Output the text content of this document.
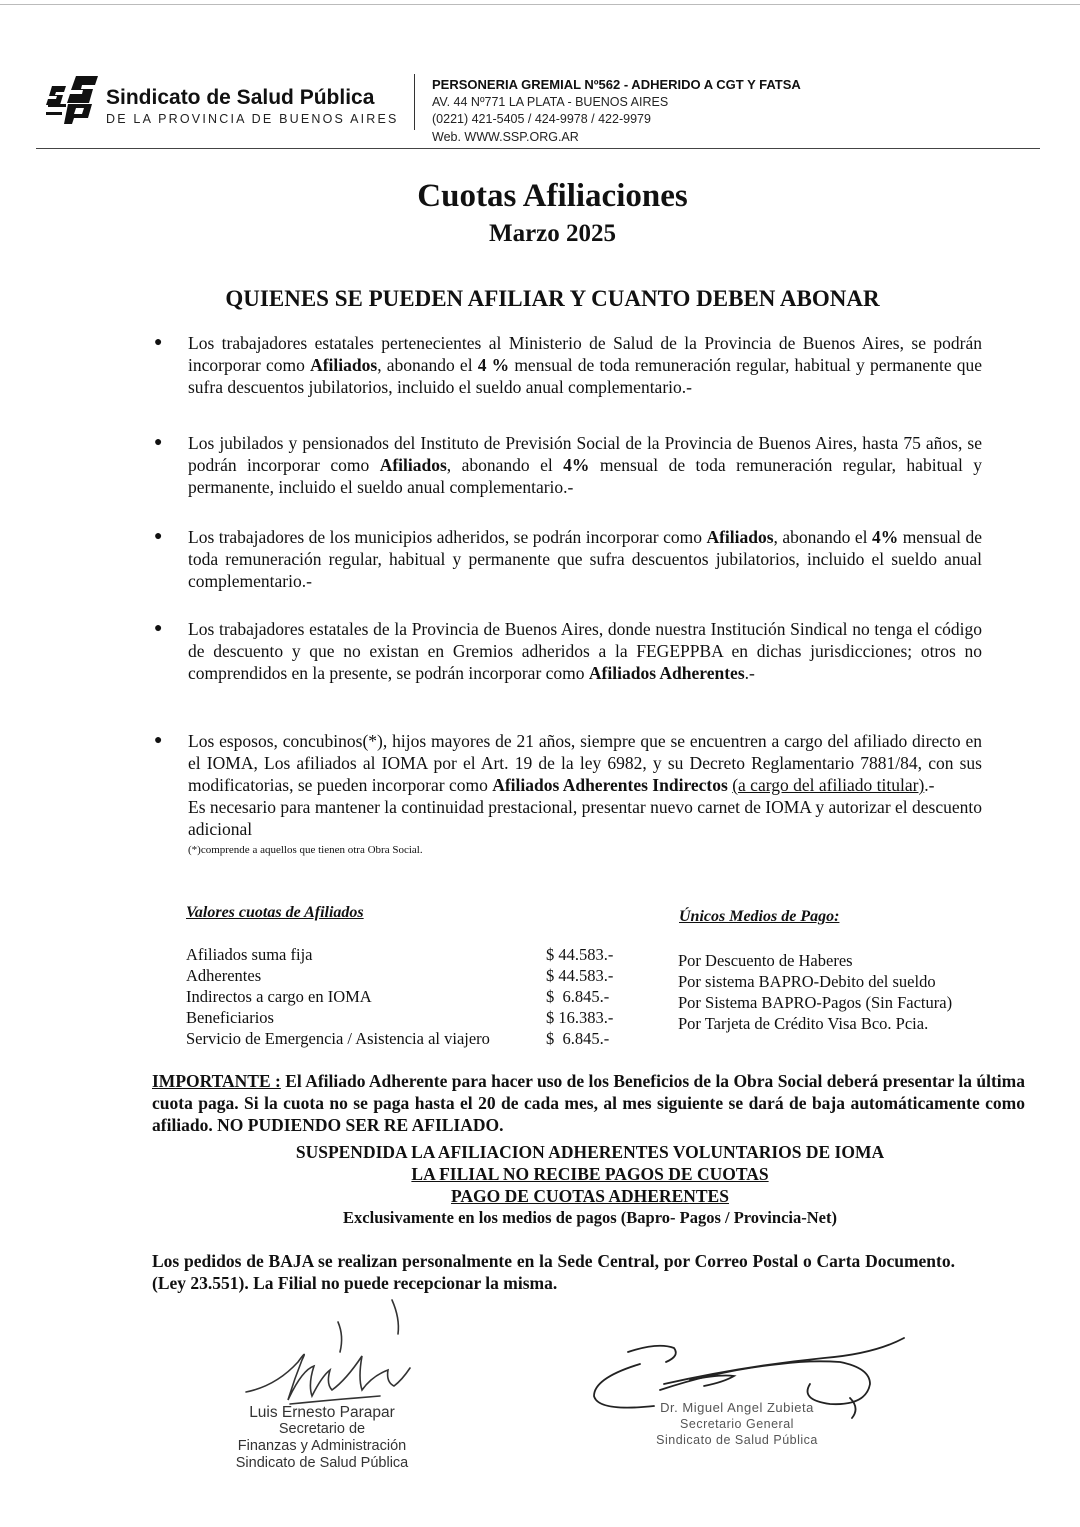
Sindicato de Salud Pública
DE LA PROVINCIA DE BUENOS AIRES
PERSONERIA GREMIAL Nº562 - ADHERIDO A CGT Y FATSA
AV. 44 Nº771 LA PLATA - BUENOS AIRES
(0221) 421-5405 / 424-9978 / 422-9979
Web. WWW.SSP.ORG.AR
Cuotas Afiliaciones
Marzo 2025
QUIENES SE PUEDEN AFILIAR Y CUANTO DEBEN ABONAR
● Los trabajadores estatales pertenecientes al Ministerio de Salud de la Provincia de Buenos Aires, se podrán incorporar como Afiliados, abonando el 4 % mensual de toda remuneración regular, habitual y permanente que sufra descuentos jubilatorios, incluido el sueldo anual complementario.-
● Los jubilados y pensionados del Instituto de Previsión Social de la Provincia de Buenos Aires, hasta 75 años, se podrán incorporar como Afiliados, abonando el 4% mensual de toda remuneración regular, habitual y permanente, incluido el sueldo anual complementario.-
● Los trabajadores de los municipios adheridos, se podrán incorporar como Afiliados, abonando el 4% mensual de toda remuneración regular, habitual y permanente que sufra descuentos jubilatorios, incluido el sueldo anual complementario.-
● Los trabajadores estatales de la Provincia de Buenos Aires, donde nuestra Institución Sindical no tenga el código de descuento y que no existan en Gremios adheridos a la FEGEPPBA en dichas jurisdicciones; otros no comprendidos en la presente, se podrán incorporar como Afiliados Adherentes.-
● Los esposos, concubinos(*), hijos mayores de 21 años, siempre que se encuentren a cargo del afiliado directo en el IOMA, Los afiliados al IOMA por el Art. 19 de la ley 6982, y su Decreto Reglamentario 7881/84, con sus modificatorias, se pueden incorporar como Afiliados Adherentes Indirectos (a cargo del afiliado titular).-
Es necesario para mantener la continuidad prestacional, presentar nuevo carnet de IOMA y autorizar el descuento adicional
(*)comprende a aquellos que tienen otra Obra Social.
Valores cuotas de Afiliados
Afiliados suma fija	$ 44.583.-
Adherentes	$ 44.583.-
Indirectos a cargo en IOMA	$  6.845.-
Beneficiarios	$ 16.383.-
Servicio de Emergencia / Asistencia al viajero	$  6.845.-
Únicos Medios de Pago:
Por Descuento de Haberes
Por sistema BAPRO-Debito del sueldo
Por Sistema BAPRO-Pagos (Sin Factura)
Por Tarjeta de Crédito Visa Bco. Pcia.
IMPORTANTE : El Afiliado Adherente para hacer uso de los Beneficios de la Obra Social deberá presentar la última cuota paga. Si la cuota no se paga hasta el 20 de cada mes, al mes siguiente se dará de baja automáticamente como afiliado. NO PUDIENDO SER RE AFILIADO.
SUSPENDIDA LA AFILIACION ADHERENTES VOLUNTARIOS DE IOMA
LA FILIAL NO RECIBE PAGOS DE CUOTAS
PAGO DE CUOTAS ADHERENTES
Exclusivamente en los medios de pagos (Bapro- Pagos / Provincia-Net)
Los pedidos de BAJA se realizan personalmente en la Sede Central, por Correo Postal o Carta Documento. (Ley 23.551). La Filial no puede recepcionar la misma.
Luis Ernesto Parapar
Secretario de
Finanzas y Administración
Sindicato de Salud Pública
Dr. Miguel Angel Zubieta
Secretario General
Sindicato de Salud Pública
